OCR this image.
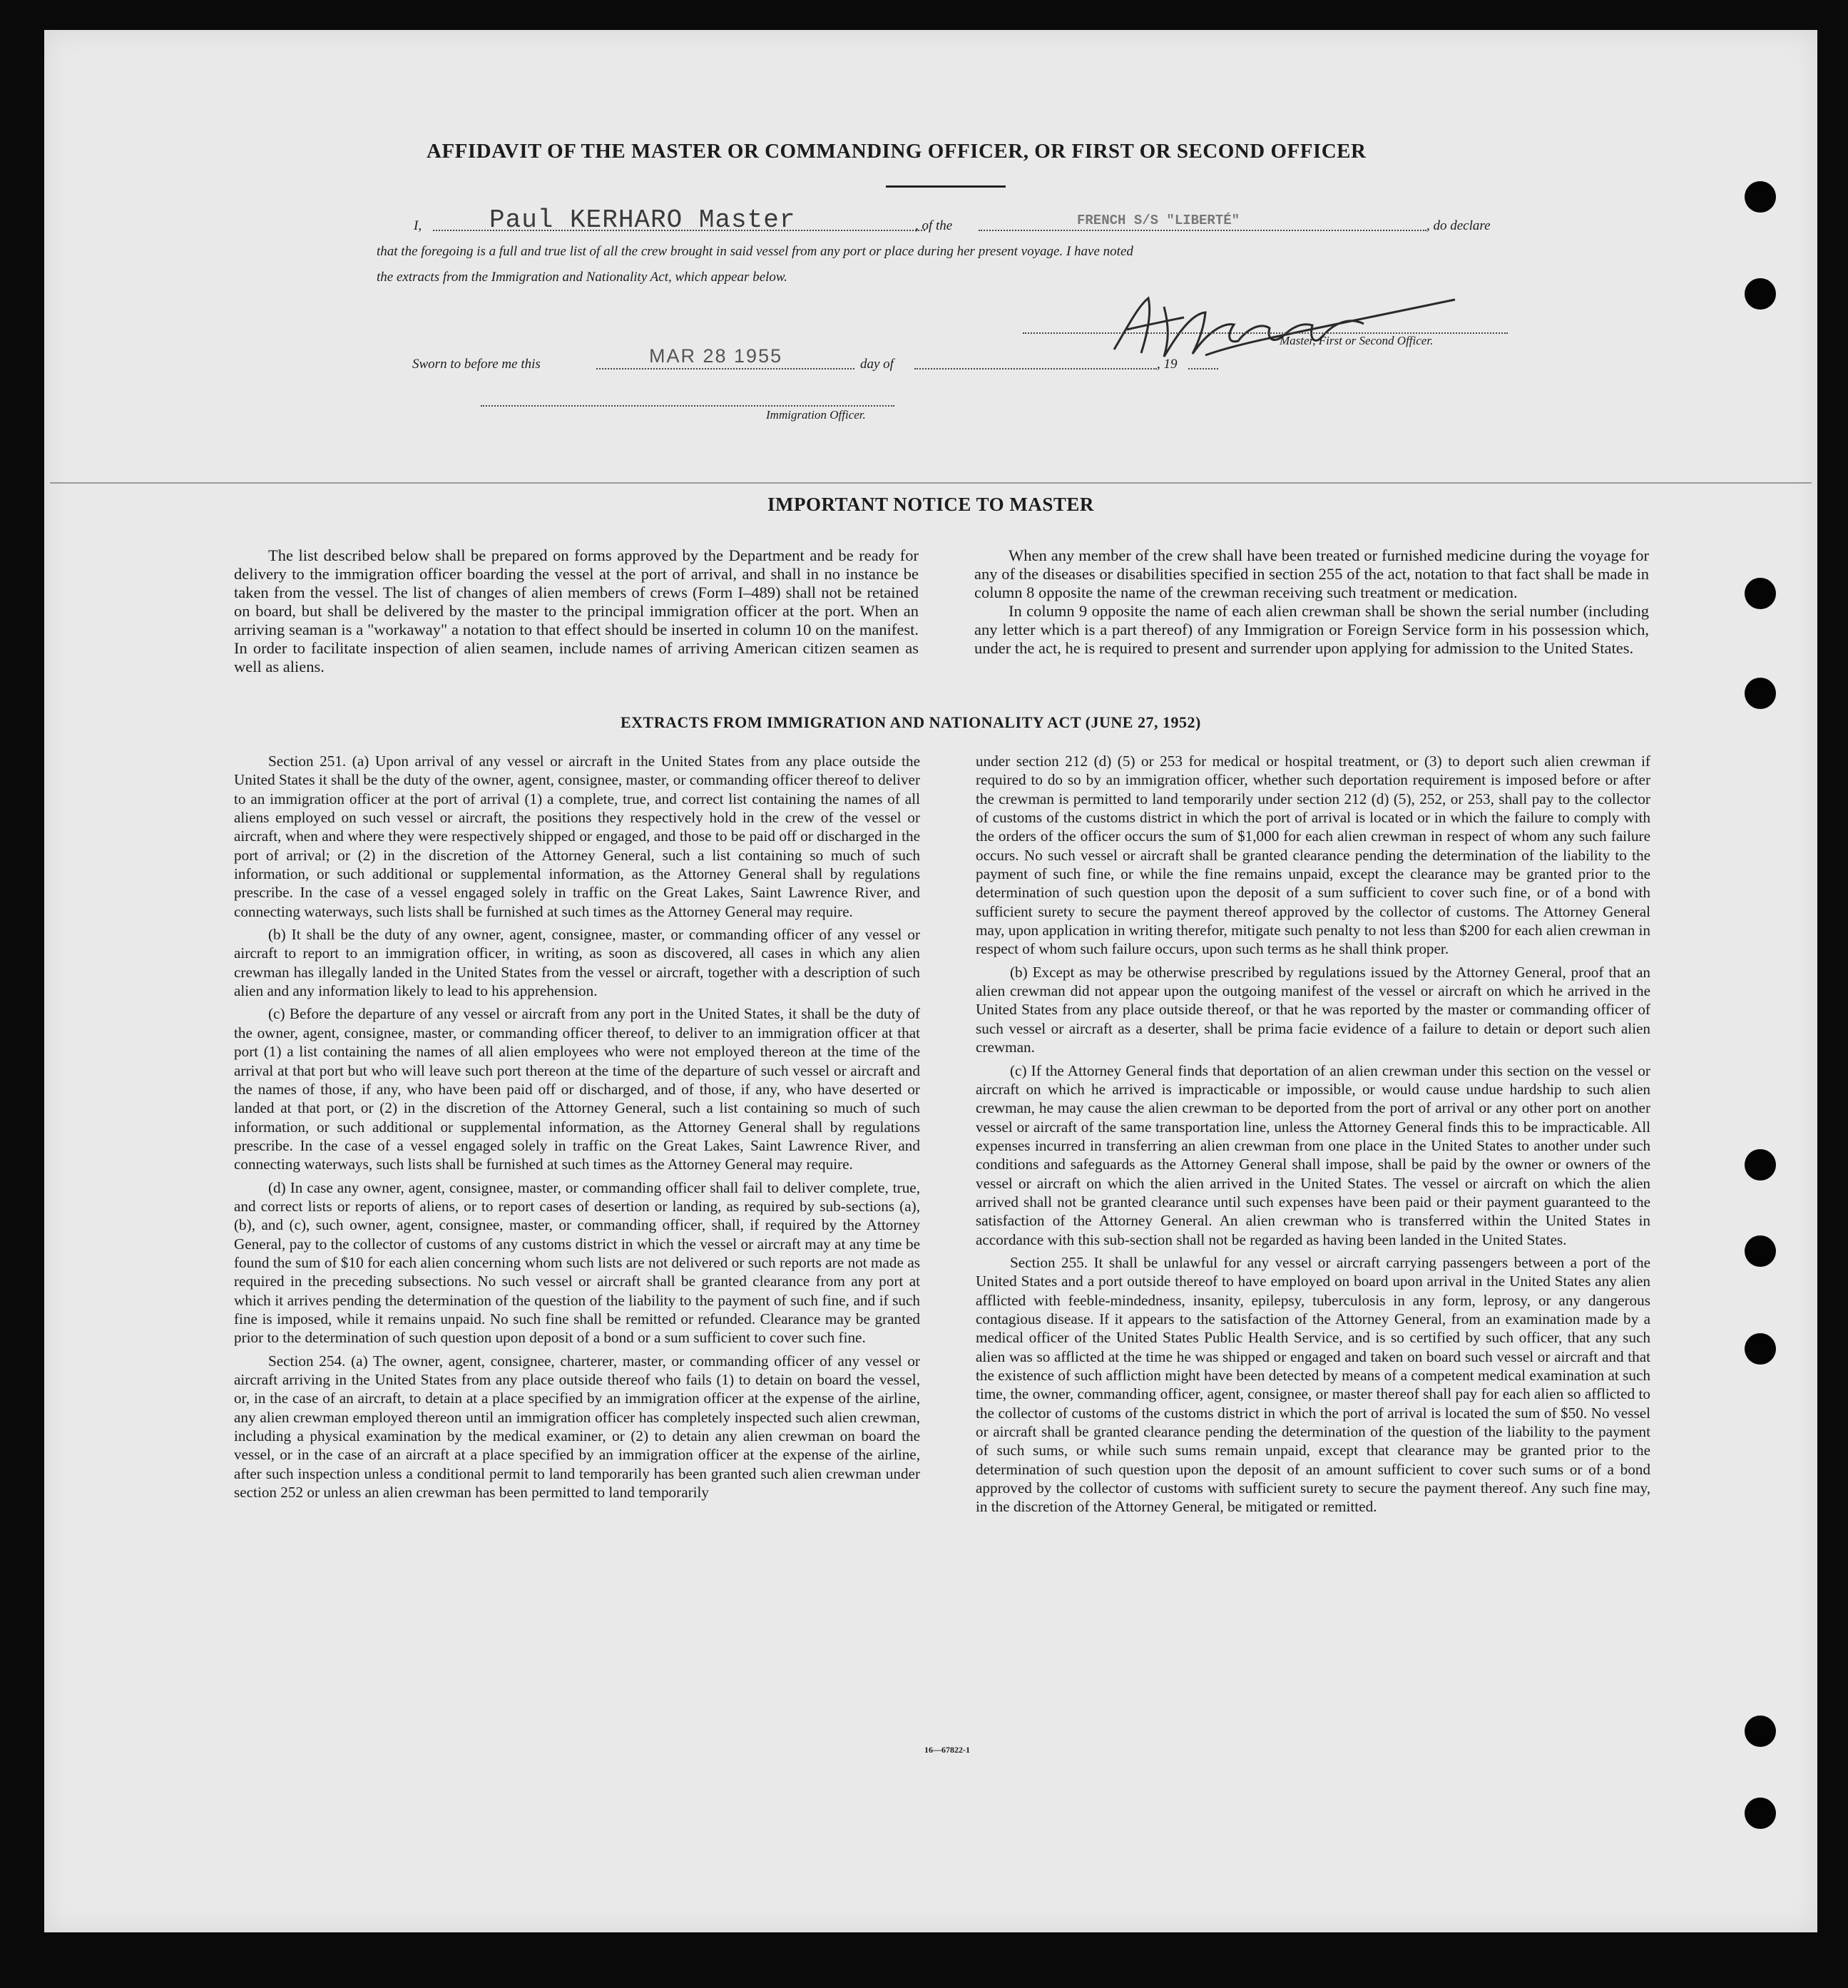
AFFIDAVIT OF THE MASTER OR COMMANDING OFFICER, OR FIRST OR SECOND OFFICER
I,	Paul KERHARO Master	, of the	FRENCH S/S "LIBERTÉ"	, do declare
that the foregoing is a full and true list of all the crew brought in said vessel from any port or place during her present voyage. I have noted
the extracts from the Immigration and Nationality Act, which appear below.
Master, First or Second Officer.
Sworn to before me this	MAR 28 1955	day of	, 19
Immigration Officer.
IMPORTANT NOTICE TO MASTER

The list described below shall be prepared on forms approved by the Department and be ready for delivery to the immigration officer boarding the vessel at the port of arrival, and shall in no instance be taken from the vessel. The list of changes of alien members of crews (Form I–489) shall not be retained on board, but shall be delivered by the master to the principal immigration officer at the port. When an arriving seaman is a "workaway" a notation to that effect should be inserted in column 10 on the manifest. In order to facilitate inspection of alien seamen, include names of arriving American citizen seamen as well as aliens.

When any member of the crew shall have been treated or furnished medicine during the voyage for any of the diseases or disabilities specified in section 255 of the act, notation to that fact shall be made in column 8 opposite the name of the crewman receiving such treatment or medication.

In column 9 opposite the name of each alien crewman shall be shown the serial number (including any letter which is a part thereof) of any Immigration or Foreign Service form in his possession which, under the act, he is required to present and surrender upon applying for admission to the United States.

EXTRACTS FROM IMMIGRATION AND NATIONALITY ACT (JUNE 27, 1952)

Section 251. (a) Upon arrival of any vessel or aircraft in the United States from any place outside the United States it shall be the duty of the owner, agent, consignee, master, or commanding officer thereof to deliver to an immigration officer at the port of arrival (1) a complete, true, and correct list containing the names of all aliens employed on such vessel or aircraft, the positions they respectively hold in the crew of the vessel or aircraft, when and where they were respectively shipped or engaged, and those to be paid off or discharged in the port of arrival; or (2) in the discretion of the Attorney General, such a list containing so much of such information, or such additional or supplemental information, as the Attorney General shall by regulations prescribe. In the case of a vessel engaged solely in traffic on the Great Lakes, Saint Lawrence River, and connecting waterways, such lists shall be furnished at such times as the Attorney General may require.

(b) It shall be the duty of any owner, agent, consignee, master, or commanding officer of any vessel or aircraft to report to an immigration officer, in writing, as soon as discovered, all cases in which any alien crewman has illegally landed in the United States from the vessel or aircraft, together with a description of such alien and any information likely to lead to his apprehension.

(c) Before the departure of any vessel or aircraft from any port in the United States, it shall be the duty of the owner, agent, consignee, master, or commanding officer thereof, to deliver to an immigration officer at that port (1) a list containing the names of all alien employees who were not employed thereon at the time of the arrival at that port but who will leave such port thereon at the time of the departure of such vessel or aircraft and the names of those, if any, who have been paid off or discharged, and of those, if any, who have deserted or landed at that port, or (2) in the discretion of the Attorney General, such a list containing so much of such information, or such additional or supplemental information, as the Attorney General shall by regulations prescribe. In the case of a vessel engaged solely in traffic on the Great Lakes, Saint Lawrence River, and connecting waterways, such lists shall be furnished at such times as the Attorney General may require.

(d) In case any owner, agent, consignee, master, or commanding officer shall fail to deliver complete, true, and correct lists or reports of aliens, or to report cases of desertion or landing, as required by sub-sections (a), (b), and (c), such owner, agent, consignee, master, or commanding officer, shall, if required by the Attorney General, pay to the collector of customs of any customs district in which the vessel or aircraft may at any time be found the sum of $10 for each alien concerning whom such lists are not delivered or such reports are not made as required in the preceding subsections. No such vessel or aircraft shall be granted clearance from any port at which it arrives pending the determination of the question of the liability to the payment of such fine, and if such fine is imposed, while it remains unpaid. No such fine shall be remitted or refunded. Clearance may be granted prior to the determination of such question upon deposit of a bond or a sum sufficient to cover such fine.

Section 254. (a) The owner, agent, consignee, charterer, master, or commanding officer of any vessel or aircraft arriving in the United States from any place outside thereof who fails (1) to detain on board the vessel, or, in the case of an aircraft, to detain at a place specified by an immigration officer at the expense of the airline, any alien crewman employed thereon until an immigration officer has completely inspected such alien crewman, including a physical examination by the medical examiner, or (2) to detain any alien crewman on board the vessel, or in the case of an aircraft at a place specified by an immigration officer at the expense of the airline, after such inspection unless a conditional permit to land temporarily has been granted such alien crewman under section 252 or unless an alien crewman has been permitted to land temporarily

under section 212 (d) (5) or 253 for medical or hospital treatment, or (3) to deport such alien crewman if required to do so by an immigration officer, whether such deportation requirement is imposed before or after the crewman is permitted to land temporarily under section 212 (d) (5), 252, or 253, shall pay to the collector of customs of the customs district in which the port of arrival is located or in which the failure to comply with the orders of the officer occurs the sum of $1,000 for each alien crewman in respect of whom any such failure occurs. No such vessel or aircraft shall be granted clearance pending the determination of the liability to the payment of such fine, or while the fine remains unpaid, except the clearance may be granted prior to the determination of such question upon the deposit of a sum sufficient to cover such fine, or of a bond with sufficient surety to secure the payment thereof approved by the collector of customs. The Attorney General may, upon application in writing therefor, mitigate such penalty to not less than $200 for each alien crewman in respect of whom such failure occurs, upon such terms as he shall think proper.

(b) Except as may be otherwise prescribed by regulations issued by the Attorney General, proof that an alien crewman did not appear upon the outgoing manifest of the vessel or aircraft on which he arrived in the United States from any place outside thereof, or that he was reported by the master or commanding officer of such vessel or aircraft as a deserter, shall be prima facie evidence of a failure to detain or deport such alien crewman.

(c) If the Attorney General finds that deportation of an alien crewman under this section on the vessel or aircraft on which he arrived is impracticable or impossible, or would cause undue hardship to such alien crewman, he may cause the alien crewman to be deported from the port of arrival or any other port on another vessel or aircraft of the same transportation line, unless the Attorney General finds this to be impracticable. All expenses incurred in transferring an alien crewman from one place in the United States to another under such conditions and safeguards as the Attorney General shall impose, shall be paid by the owner or owners of the vessel or aircraft on which the alien arrived in the United States. The vessel or aircraft on which the alien arrived shall not be granted clearance until such expenses have been paid or their payment guaranteed to the satisfaction of the Attorney General. An alien crewman who is transferred within the United States in accordance with this sub-section shall not be regarded as having been landed in the United States.

Section 255. It shall be unlawful for any vessel or aircraft carrying passengers between a port of the United States and a port outside thereof to have employed on board upon arrival in the United States any alien afflicted with feeble-mindedness, insanity, epilepsy, tuberculosis in any form, leprosy, or any dangerous contagious disease. If it appears to the satisfaction of the Attorney General, from an examination made by a medical officer of the United States Public Health Service, and is so certified by such officer, that any such alien was so afflicted at the time he was shipped or engaged and taken on board such vessel or aircraft and that the existence of such affliction might have been detected by means of a competent medical examination at such time, the owner, commanding officer, agent, consignee, or master thereof shall pay for each alien so afflicted to the collector of customs of the customs district in which the port of arrival is located the sum of $50. No vessel or aircraft shall be granted clearance pending the determination of the question of the liability to the payment of such sums, or while such sums remain unpaid, except that clearance may be granted prior to the determination of such question upon the deposit of an amount sufficient to cover such sums or of a bond approved by the collector of customs with sufficient surety to secure the payment thereof. Any such fine may, in the discretion of the Attorney General, be mitigated or remitted.

16—67822-1
